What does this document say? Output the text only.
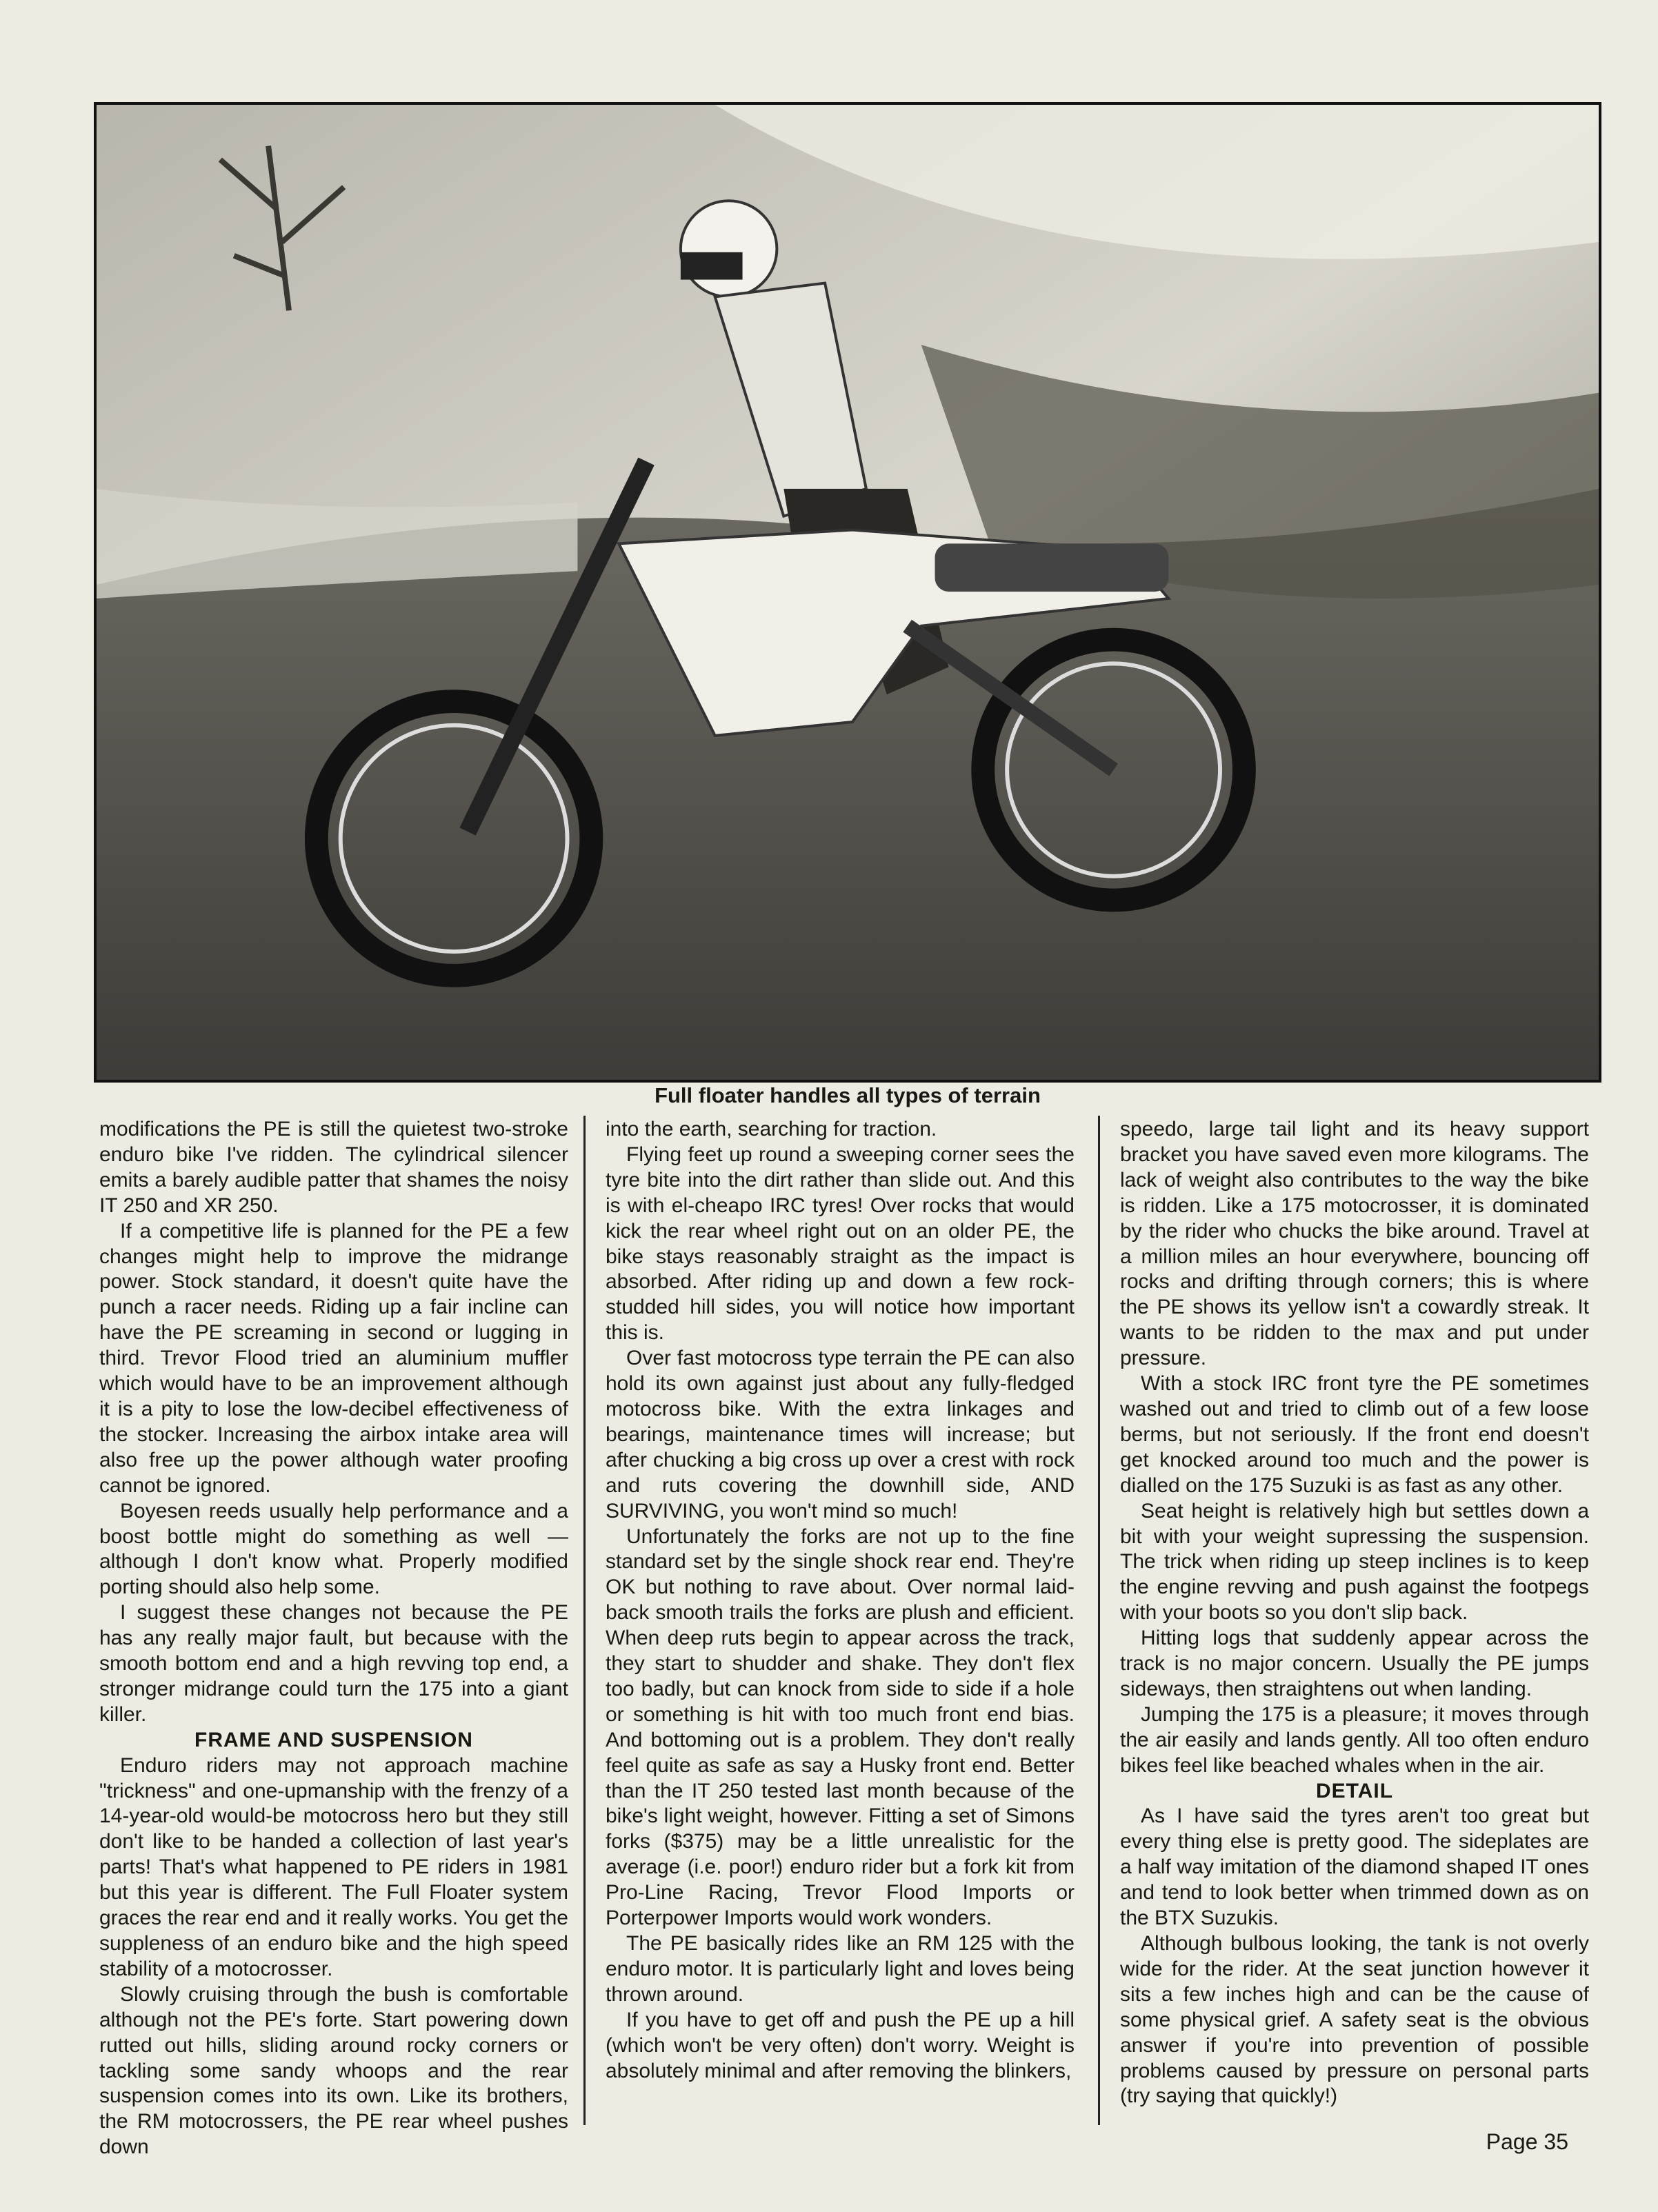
Full floater handles all types of terrain

modifications the PE is still the quietest two-stroke enduro bike I've ridden. The cylindrical silencer emits a barely audible patter that shames the noisy IT 250 and XR 250.

If a competitive life is planned for the PE a few changes might help to improve the midrange power. Stock standard, it doesn't quite have the punch a racer needs. Riding up a fair incline can have the PE screaming in second or lugging in third. Trevor Flood tried an aluminium muffler which would have to be an improvement although it is a pity to lose the low-decibel effectiveness of the stocker. Increasing the airbox intake area will also free up the power although water proofing cannot be ignored.

Boyesen reeds usually help performance and a boost bottle might do something as well — although I don't know what. Properly modified porting should also help some.

I suggest these changes not because the PE has any really major fault, but because with the smooth bottom end and a high revving top end, a stronger midrange could turn the 175 into a giant killer.

FRAME AND SUSPENSION

Enduro riders may not approach machine "trickness" and one-upmanship with the frenzy of a 14-year-old would-be motocross hero but they still don't like to be handed a collection of last year's parts! That's what happened to PE riders in 1981 but this year is different. The Full Floater system graces the rear end and it really works. You get the suppleness of an enduro bike and the high speed stability of a motocrosser.

Slowly cruising through the bush is comfortable although not the PE's forte. Start powering down rutted out hills, sliding around rocky corners or tackling some sandy whoops and the rear suspension comes into its own. Like its brothers, the RM motocrossers, the PE rear wheel pushes down

into the earth, searching for traction.

Flying feet up round a sweeping corner sees the tyre bite into the dirt rather than slide out. And this is with el-cheapo IRC tyres! Over rocks that would kick the rear wheel right out on an older PE, the bike stays reasonably straight as the impact is absorbed. After riding up and down a few rock-studded hill sides, you will notice how important this is.

Over fast motocross type terrain the PE can also hold its own against just about any fully-fledged motocross bike. With the extra linkages and bearings, maintenance times will increase; but after chucking a big cross up over a crest with rock and ruts covering the downhill side, AND SURVIVING, you won't mind so much!

Unfortunately the forks are not up to the fine standard set by the single shock rear end. They're OK but nothing to rave about. Over normal laid-back smooth trails the forks are plush and efficient. When deep ruts begin to appear across the track, they start to shudder and shake. They don't flex too badly, but can knock from side to side if a hole or something is hit with too much front end bias. And bottoming out is a problem. They don't really feel quite as safe as say a Husky front end. Better than the IT 250 tested last month because of the bike's light weight, however. Fitting a set of Simons forks ($375) may be a little unrealistic for the average (i.e. poor!) enduro rider but a fork kit from Pro-Line Racing, Trevor Flood Imports or Porterpower Imports would work wonders.

The PE basically rides like an RM 125 with the enduro motor. It is particularly light and loves being thrown around.

If you have to get off and push the PE up a hill (which won't be very often) don't worry. Weight is absolutely minimal and after removing the blinkers,

speedo, large tail light and its heavy support bracket you have saved even more kilograms. The lack of weight also contributes to the way the bike is ridden. Like a 175 motocrosser, it is dominated by the rider who chucks the bike around. Travel at a million miles an hour everywhere, bouncing off rocks and drifting through corners; this is where the PE shows its yellow isn't a cowardly streak. It wants to be ridden to the max and put under pressure.

With a stock IRC front tyre the PE sometimes washed out and tried to climb out of a few loose berms, but not seriously. If the front end doesn't get knocked around too much and the power is dialled on the 175 Suzuki is as fast as any other.

Seat height is relatively high but settles down a bit with your weight supressing the suspension. The trick when riding up steep inclines is to keep the engine revving and push against the footpegs with your boots so you don't slip back.

Hitting logs that suddenly appear across the track is no major concern. Usually the PE jumps sideways, then straightens out when landing.

Jumping the 175 is a pleasure; it moves through the air easily and lands gently. All too often enduro bikes feel like beached whales when in the air.

DETAIL

As I have said the tyres aren't too great but every thing else is pretty good. The sideplates are a half way imitation of the diamond shaped IT ones and tend to look better when trimmed down as on the BTX Suzukis.

Although bulbous looking, the tank is not overly wide for the rider. At the seat junction however it sits a few inches high and can be the cause of some physical grief. A safety seat is the obvious answer if you're into prevention of possible problems caused by pressure on personal parts (try saying that quickly!)

Page 35
